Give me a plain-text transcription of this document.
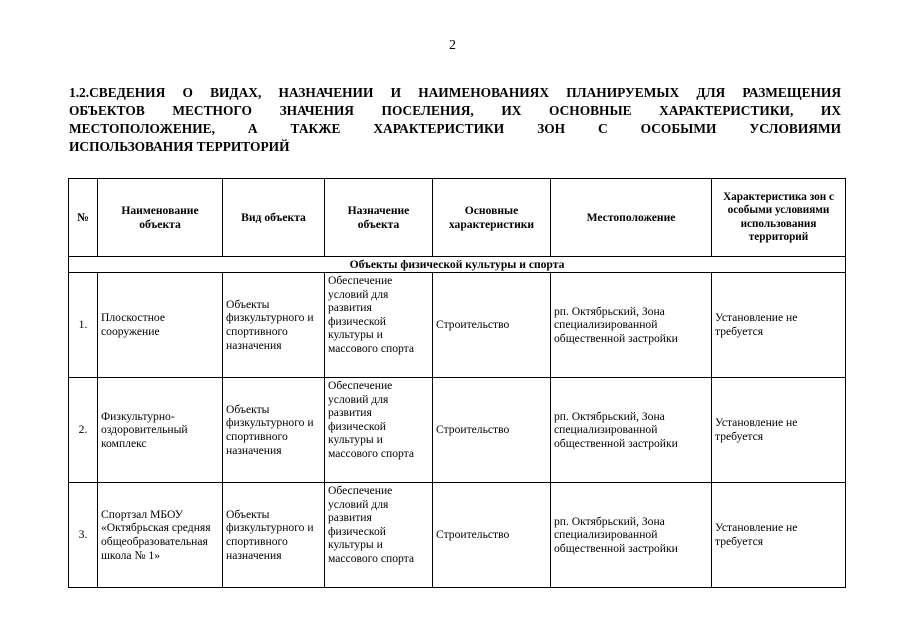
2
1.2.СВЕДЕНИЯ О ВИДАХ, НАЗНАЧЕНИИ И НАИМЕНОВАНИЯХ ПЛАНИРУЕМЫХ ДЛЯ РАЗМЕЩЕНИЯ
ОБЪЕКТОВ МЕСТНОГО ЗНАЧЕНИЯ ПОСЕЛЕНИЯ, ИХ ОСНОВНЫЕ ХАРАКТЕРИСТИКИ, ИХ
МЕСТОПОЛОЖЕНИЕ, А ТАКЖЕ ХАРАКТЕРИСТИКИ ЗОН С ОСОБЫМИ УСЛОВИЯМИ
ИСПОЛЬЗОВАНИЯ ТЕРРИТОРИЙ
№	Наименование объекта	Вид объекта	Назначение объекта	Основные характеристики	Местоположение	Характеристика зон с особыми условиями использования территорий
Объекты физической культуры и спорта						
1.	Плоскостное сооружение	Объекты физкультурного и спортивного назначения	Обеспечение условий для развития физической культуры и массового спорта	Строительство	рп. Октябрьский, Зона специализированной общественной застройки	Установление не требуется
2.	Физкультурно-оздоровительный комплекс	Объекты физкультурного и спортивного назначения	Обеспечение условий для развития физической культуры и массового спорта	Строительство	рп. Октябрьский, Зона специализированной общественной застройки	Установление не требуется
3.	Спортзал МБОУ «Октябрьская средняя общеобразовательная школа № 1»	Объекты физкультурного и спортивного назначения	Обеспечение условий для развития физической культуры и массового спорта	Строительство	рп. Октябрьский, Зона специализированной общественной застройки	Установление не требуется
